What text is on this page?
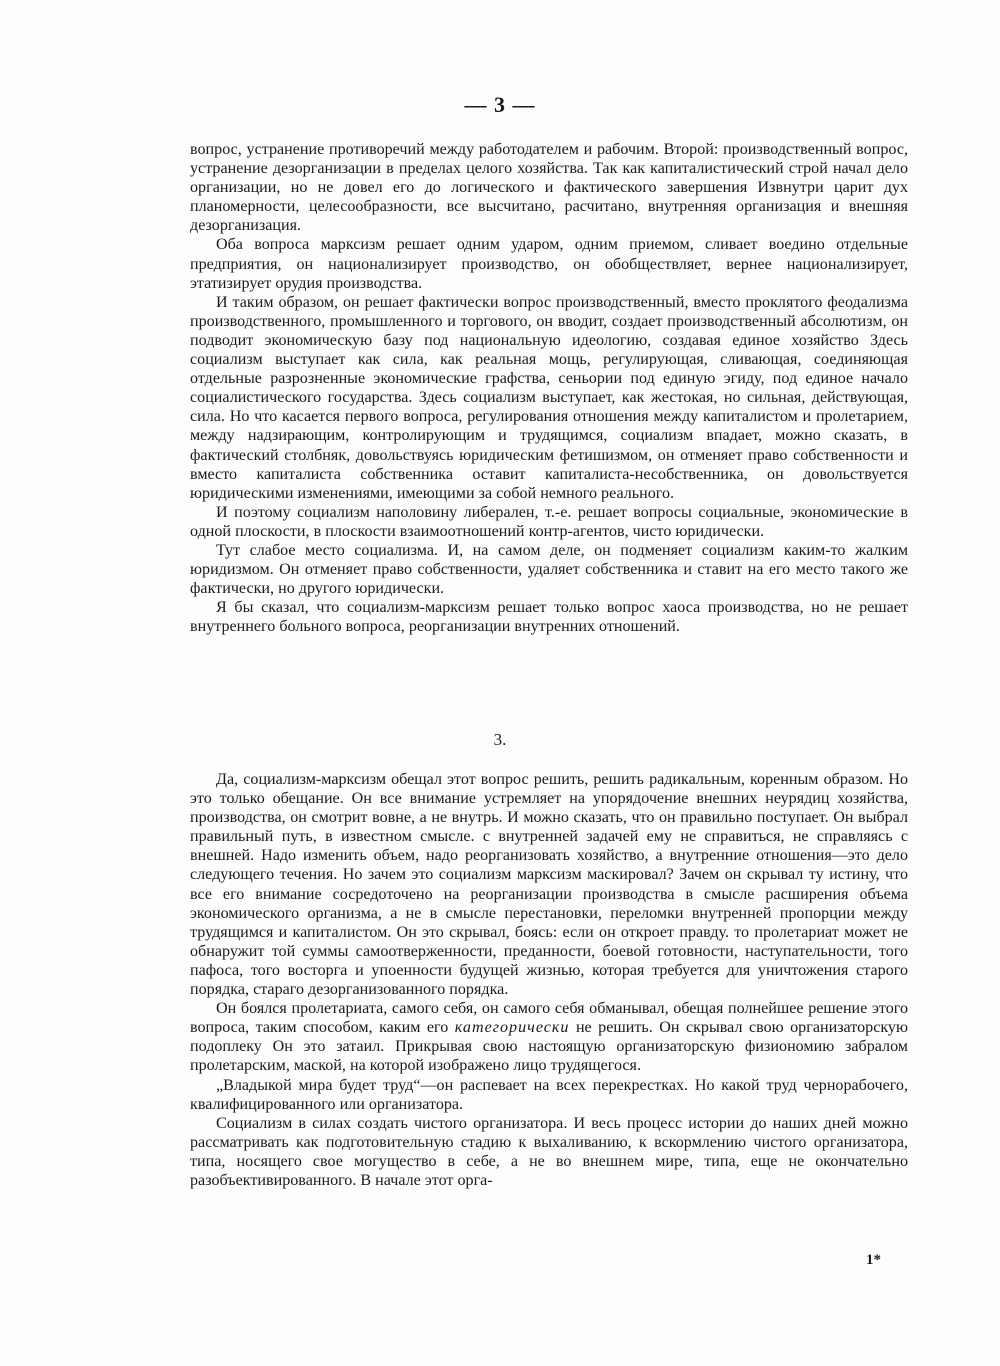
— 3 —

вопрос, устранение противоречий между работодателем и рабочим. Второй: производственный вопрос, устранение дезорганизации в пределах целого хозяйства. Так как капиталистический строй начал дело организации, но не довел его до логического и фактического завершения Извнутри царит дух планомерности, целесообразности, все высчитано, расчитано, внутренняя организация и внешняя дезорганизация.

Оба вопроса марксизм решает одним ударом, одним приемом, сливает воедино отдельные предприятия, он национализирует производство, он обобществляет, вернее национализирует, этатизирует орудия производства.

И таким образом, он решает фактически вопрос производственный, вместо проклятого феодализма производственного, промышленного и торгового, он вводит, создает производственный абсолютизм, он подводит экономическую базу под национальную идеологию, создавая единое хозяйство Здесь социализм выступает как сила, как реальная мощь, регулирующая, сливающая, соединяющая отдельные разрозненные экономические графства, сеньории под единую эгиду, под единое начало социалистического государства. Здесь социализм выступает, как жестокая, но сильная, действующая, сила. Но что касается первого вопроса, регулирования отношения между капиталистом и пролетарием, между надзирающим, контролирующим и трудящимся, социализм впадает, можно сказать, в фактический столбняк, довольствуясь юридическим фетишизмом, он отменяет право собственности и вместо капиталиста собственника оставит капиталиста-несобственника, он довольствуется юридическими изменениями, имеющими за собой немного реального.

И поэтому социализм наполовину либерален, т.-е. решает вопросы социальные, экономические в одной плоскости, в плоскости взаимоотношений контр-агентов, чисто юридически.

Тут слабое место социализма. И, на самом деле, он подменяет социализм каким-то жалким юридизмом. Он отменяет право собственности, удаляет собственника и ставит на его место такого же фактически, но другого юридически.

Я бы сказал, что социализм-марксизм решает только вопрос хаоса производства, но не решает внутреннего больного вопроса, реорганизации внутренних отношений.

3.

Да, социализм-марксизм обещал этот вопрос решить, решить радикальным, коренным образом. Но это только обещание. Он все внимание устремляет на упорядочение внешних неурядиц хозяйства, производства, он смотрит вовне, а не внутрь. И можно сказать, что он правильно поступает. Он выбрал правильный путь, в известном смысле. с внутренней задачей ему не справиться, не справляясь с внешней. Надо изменить объем, надо реорганизовать хозяйство, а внутренние отношения—это дело следующего течения. Но зачем это социализм марксизм маскировал? Зачем он скрывал ту истину, что все его внимание сосредоточено на реорганизации производства в смысле расширения объема экономического организма, а не в смысле перестановки, переломки внутренней пропорции между трудящимся и капиталистом. Он это скрывал, боясь: если он откроет правду. то пролетариат может не обнаружит той суммы самоотверженности, преданности, боевой готовности, наступательности, того пафоса, того восторга и упоенности будущей жизнью, которая требуется для уничтожения старого порядка, стараго дезорганизованного порядка.

Он боялся пролетариата, самого себя, он самого себя обманывал, обещая полнейшее решение этого вопроса, таким способом, каким его категорически не решить. Он скрывал свою организаторскую подоплеку Он это затаил. Прикрывая свою настоящую организаторскую физиономию забралом пролетарским, маской, на которой изображено лицо трудящегося.

„Владыкой мира будет труд“—он распевает на всех перекрестках. Но какой труд чернорабочего, квалифицированного или организатора.

Социализм в силах создать чистого организатора. И весь процесс истории до наших дней можно рассматривать как подготовительную стадию к выхаливанию, к вскормлению чистого организатора, типа, носящего свое могущество в себе, а не во внешнем мире, типа, еще не окончательно разобъективированного. В начале этот орга-

1*
